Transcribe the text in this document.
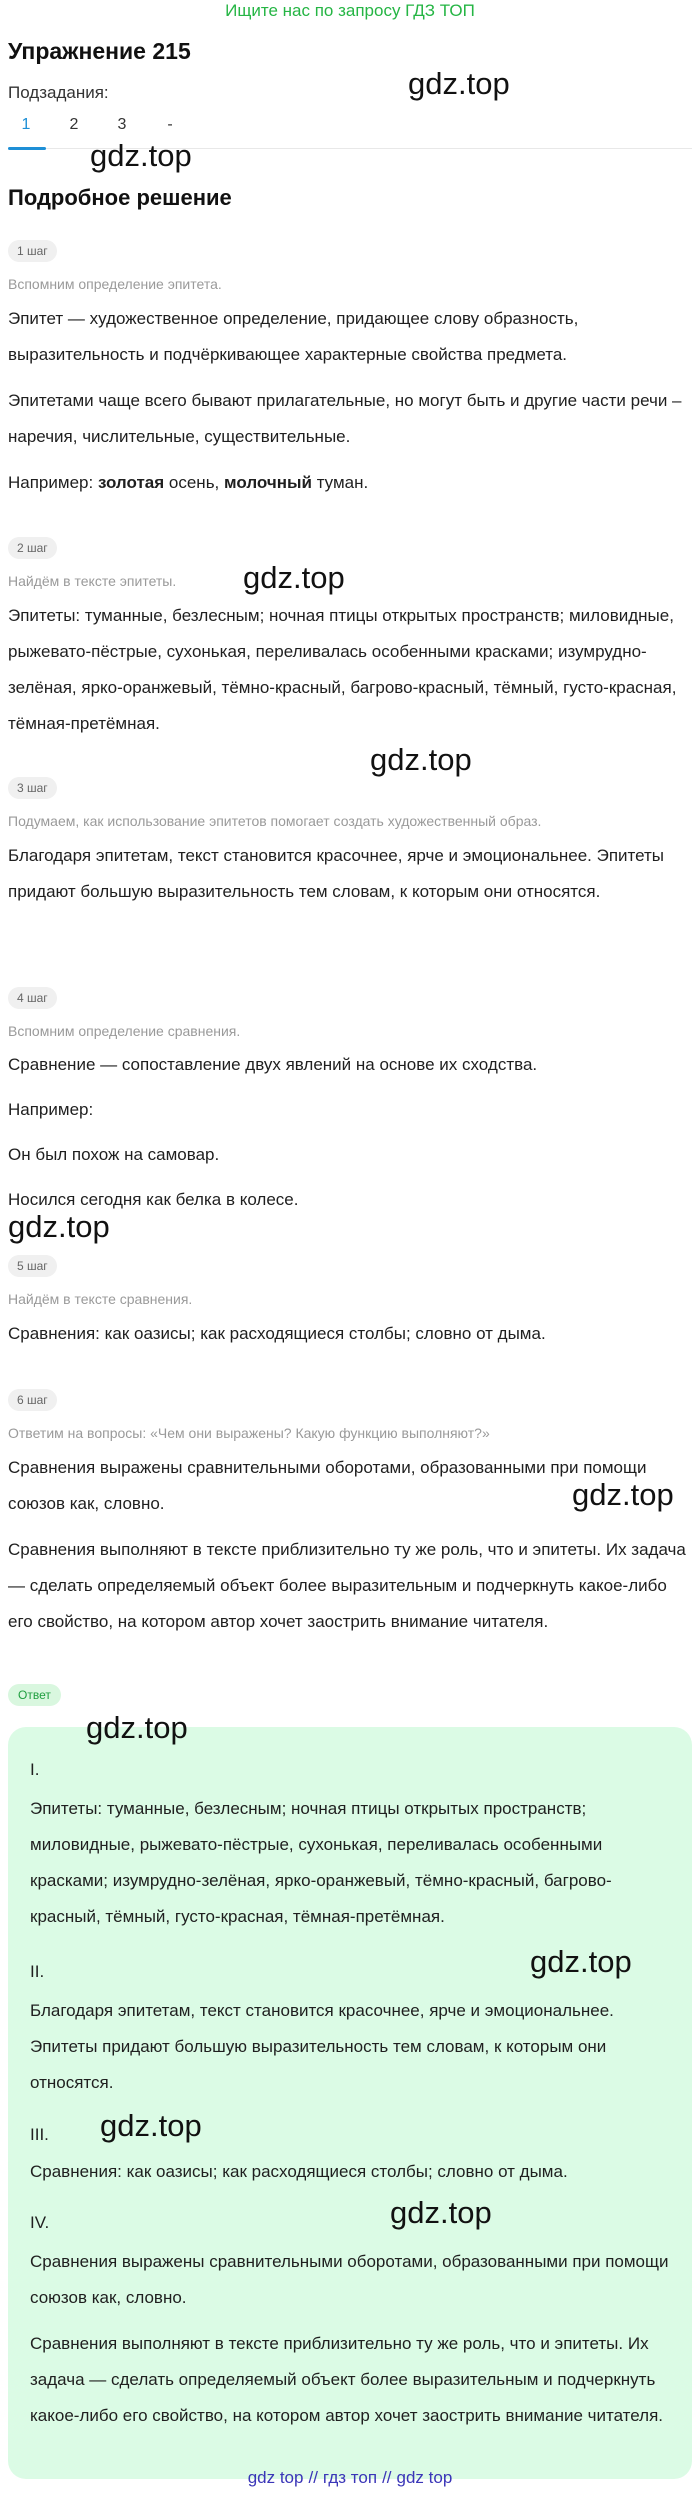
Ищите нас по запросу ГДЗ ТОП
Упражнение 215
Подзадания:
1	2	3	-
Подробное решение
1 шаг
Вспомним определение эпитета.

Эпитет — художественное определение, придающее слову образность, выразительность и подчёркивающее характерные свойства предмета.

Эпитетами чаще всего бывают прилагательные, но могут быть и другие части речи – наречия, числительные, существительные.

Например: золотая осень, молочный туман.

2 шаг
Найдём в тексте эпитеты.

Эпитеты: туманные, безлесным; ночная птицы открытых пространств; миловидные, рыжевато-пёстрые, сухонькая, переливалась особенными красками; изумрудно-зелёная, ярко-оранжевый, тёмно-красный, багрово-красный, тёмный, густо-красная, тёмная-претёмная.

3 шаг
Подумаем, как использование эпитетов помогает создать художественный образ.

Благодаря эпитетам, текст становится красочнее, ярче и эмоциональнее. Эпитеты придают большую выразительность тем словам, к которым они относятся.

4 шаг
Вспомним определение сравнения.

Сравнение — сопоставление двух явлений на основе их сходства.

Например:

Он был похож на самовар.

Носился сегодня как белка в колесе.

5 шаг
Найдём в тексте сравнения.

Сравнения: как оазисы; как расходящиеся столбы; словно от дыма.

6 шаг
Ответим на вопросы: «Чем они выражены? Какую функцию выполняют?»

Сравнения выражены сравнительными оборотами, образованными при помощи союзов как, словно.

Сравнения выполняют в тексте приблизительно ту же роль, что и эпитеты. Их задача — сделать определяемый объект более выразительным и подчеркнуть какое-либо его свойство, на котором автор хочет заострить внимание читателя.

Ответ
I.

Эпитеты: туманные, безлесным; ночная птицы открытых пространств; миловидные, рыжевато-пёстрые, сухонькая, переливалась особенными красками; изумрудно-зелёная, ярко-оранжевый, тёмно-красный, багрово-красный, тёмный, густо-красная, тёмная-претёмная.

II.

Благодаря эпитетам, текст становится красочнее, ярче и эмоциональнее. Эпитеты придают большую выразительность тем словам, к которым они относятся.

III.

Сравнения: как оазисы; как расходящиеся столбы; словно от дыма.

IV.

Сравнения выражены сравнительными оборотами, образованными при помощи союзов как, словно.

Сравнения выполняют в тексте приблизительно ту же роль, что и эпитеты. Их задача — сделать определяемый объект более выразительным и подчеркнуть какое-либо его свойство, на котором автор хочет заострить внимание читателя.

gdz.top
gdz.top
gdz.top
gdz.top
gdz.top
gdz.top
gdz.top
gdz.top
gdz.top
gdz.top
gdz top // гдз топ // gdz top
